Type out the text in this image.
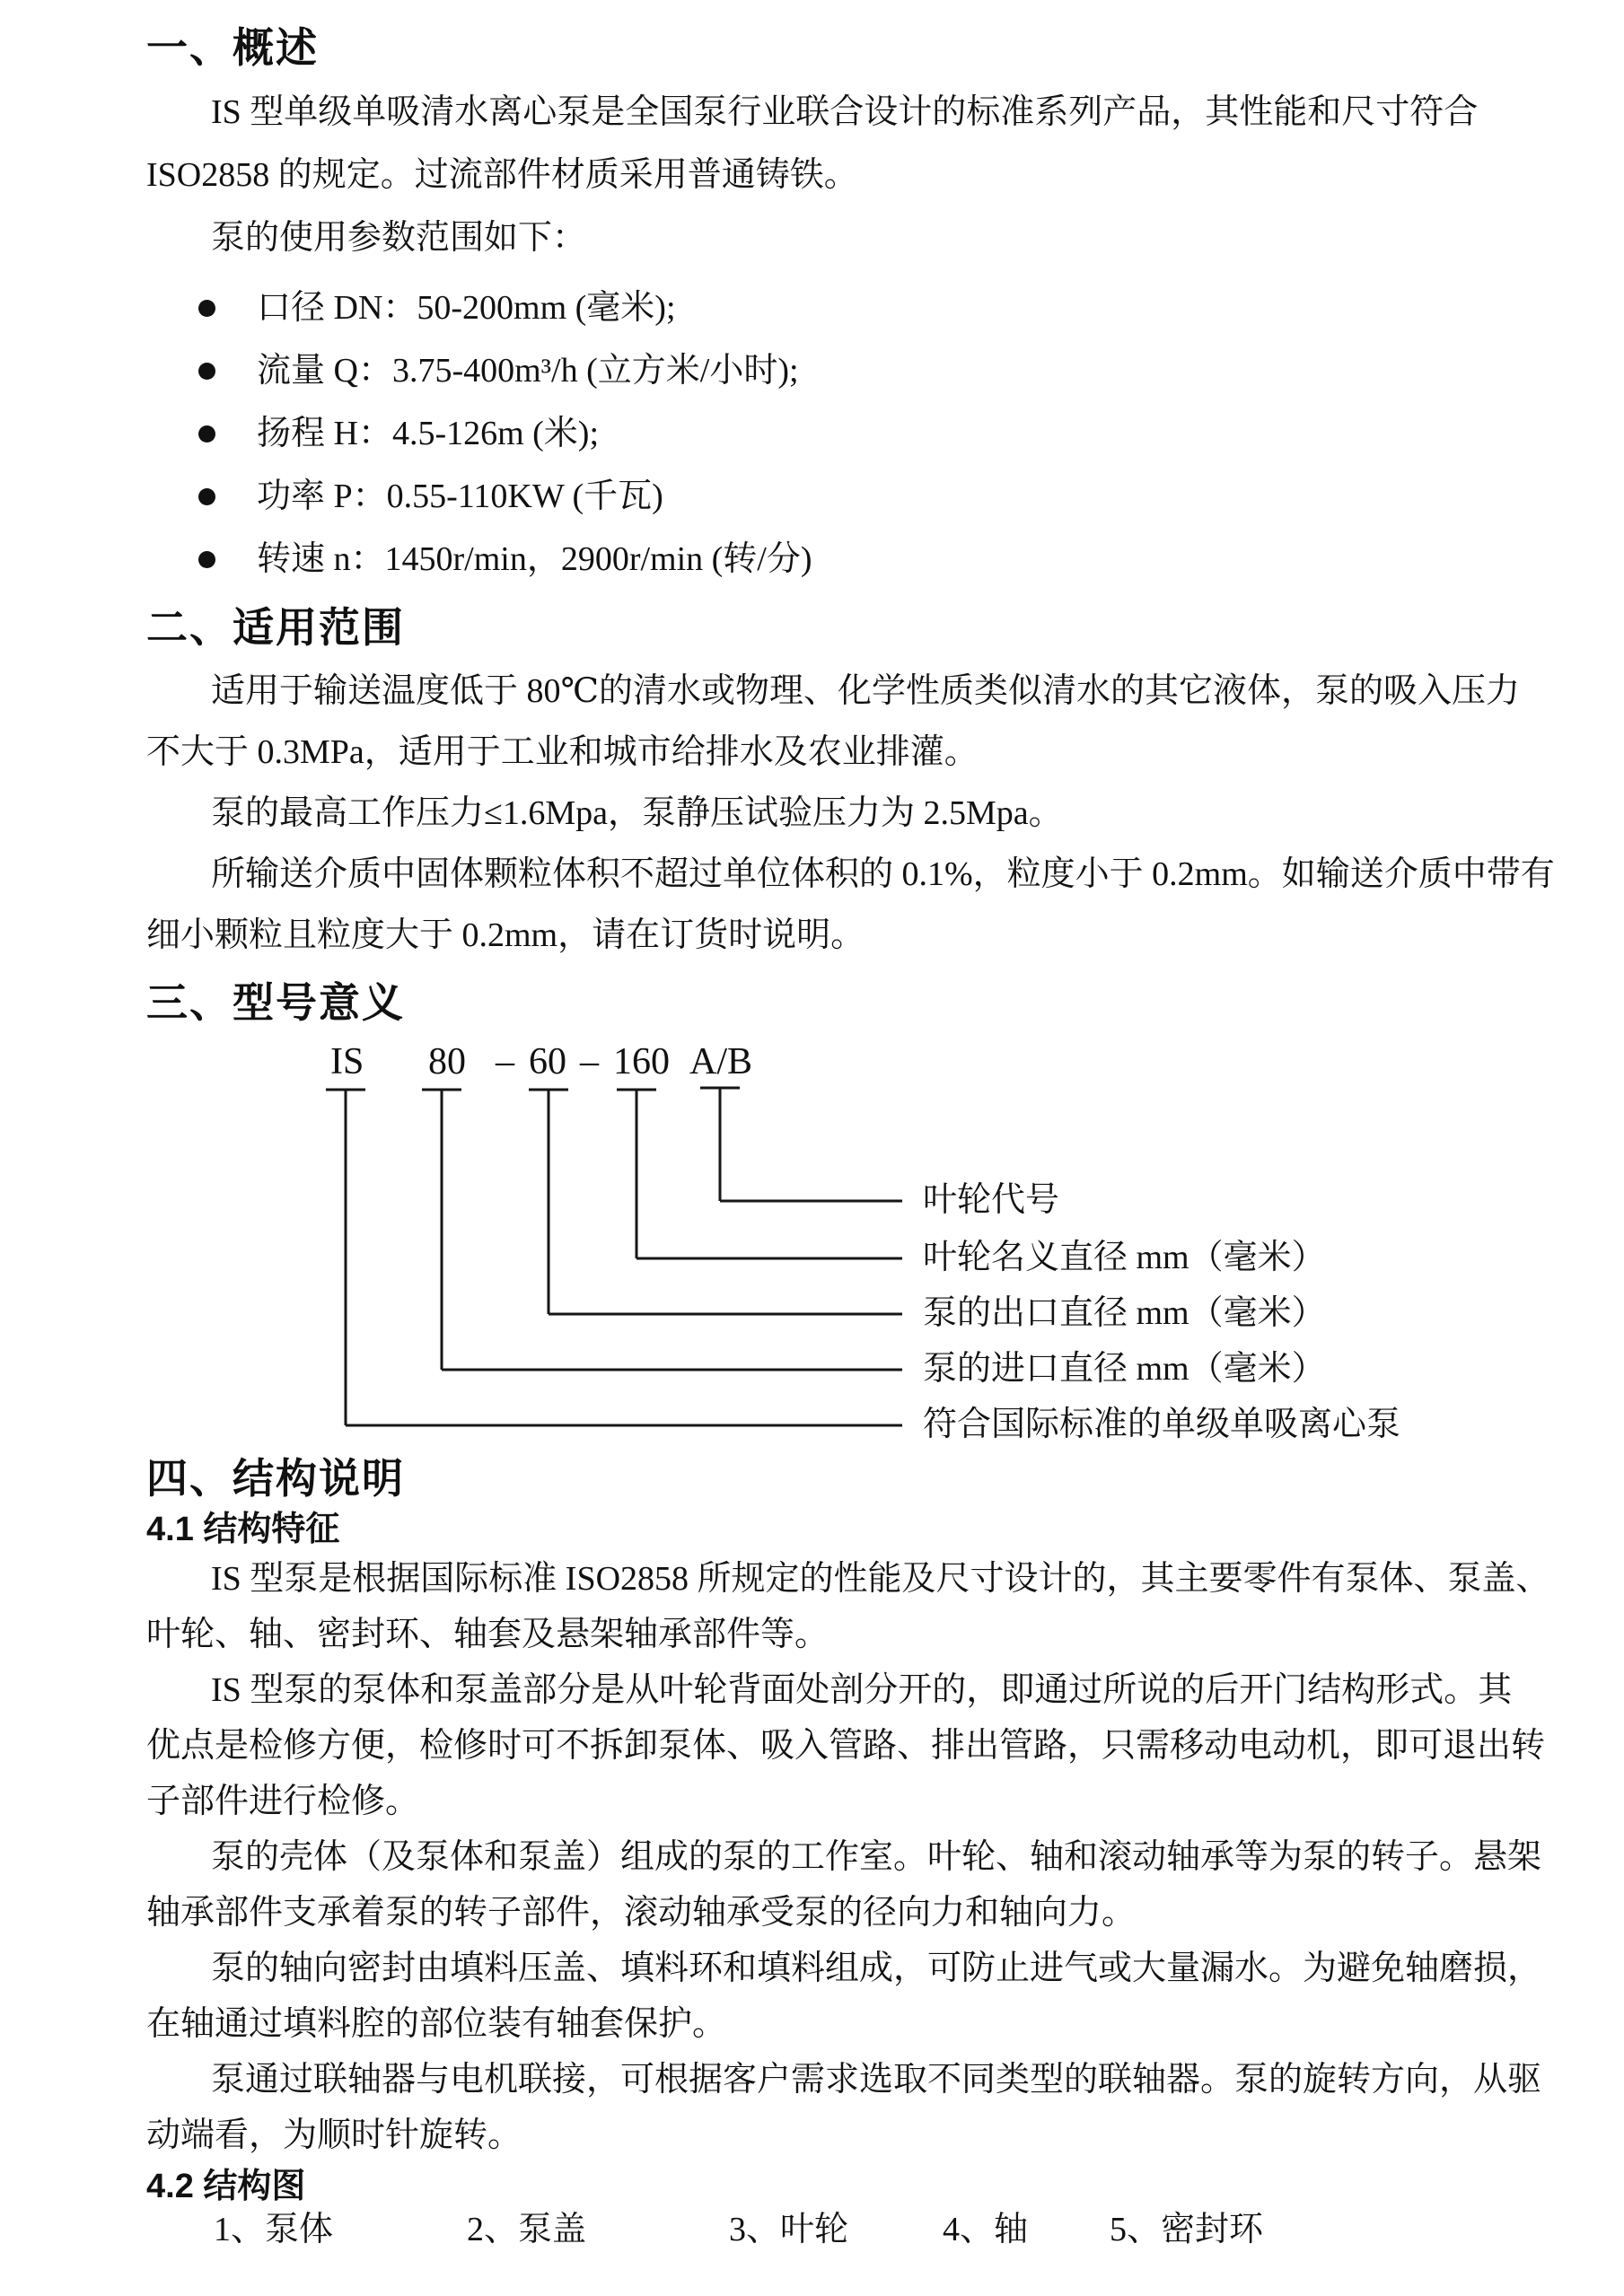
一、概述
IS 型单级单吸清水离心泵是全国泵行业联合设计的标准系列产品，其性能和尺寸符合
ISO2858 的规定。过流部件材质采用普通铸铁。
泵的使用参数范围如下：
口径 DN：50-200mm (毫米);
流量 Q：3.75-400m³/h (立方米/小时);
扬程 H：4.5-126m (米);
功率 P：0.55-110KW (千瓦)
转速 n：1450r/min，2900r/min (转/分)
二、适用范围
适用于输送温度低于 80℃的清水或物理、化学性质类似清水的其它液体，泵的吸入压力
不大于 0.3MPa，适用于工业和城市给排水及农业排灌。
泵的最高工作压力≤1.6Mpa，泵静压试验压力为 2.5Mpa。
所输送介质中固体颗粒体积不超过单位体积的 0.1%，粒度小于 0.2mm。如输送介质中带有
细小颗粒且粒度大于 0.2mm，请在订货时说明。
三、型号意义
IS 80 – 60 – 160 A/B
叶轮代号
叶轮名义直径 mm（毫米）
泵的出口直径 mm（毫米）
泵的进口直径 mm（毫米）
符合国际标准的单级单吸离心泵
四、结构说明
4.1 结构特征
IS 型泵是根据国际标准 ISO2858 所规定的性能及尺寸设计的，其主要零件有泵体、泵盖、
叶轮、轴、密封环、轴套及悬架轴承部件等。
IS 型泵的泵体和泵盖部分是从叶轮背面处剖分开的，即通过所说的后开门结构形式。其
优点是检修方便，检修时可不拆卸泵体、吸入管路、排出管路，只需移动电动机，即可退出转
子部件进行检修。
泵的壳体（及泵体和泵盖）组成的泵的工作室。叶轮、轴和滚动轴承等为泵的转子。悬架
轴承部件支承着泵的转子部件，滚动轴承受泵的径向力和轴向力。
泵的轴向密封由填料压盖、填料环和填料组成，可防止进气或大量漏水。为避免轴磨损，
在轴通过填料腔的部位装有轴套保护。
泵通过联轴器与电机联接，可根据客户需求选取不同类型的联轴器。泵的旋转方向，从驱
动端看，为顺时针旋转。
4.2 结构图
1、泵体	2、泵盖	3、叶轮	4、轴 5、密封环
